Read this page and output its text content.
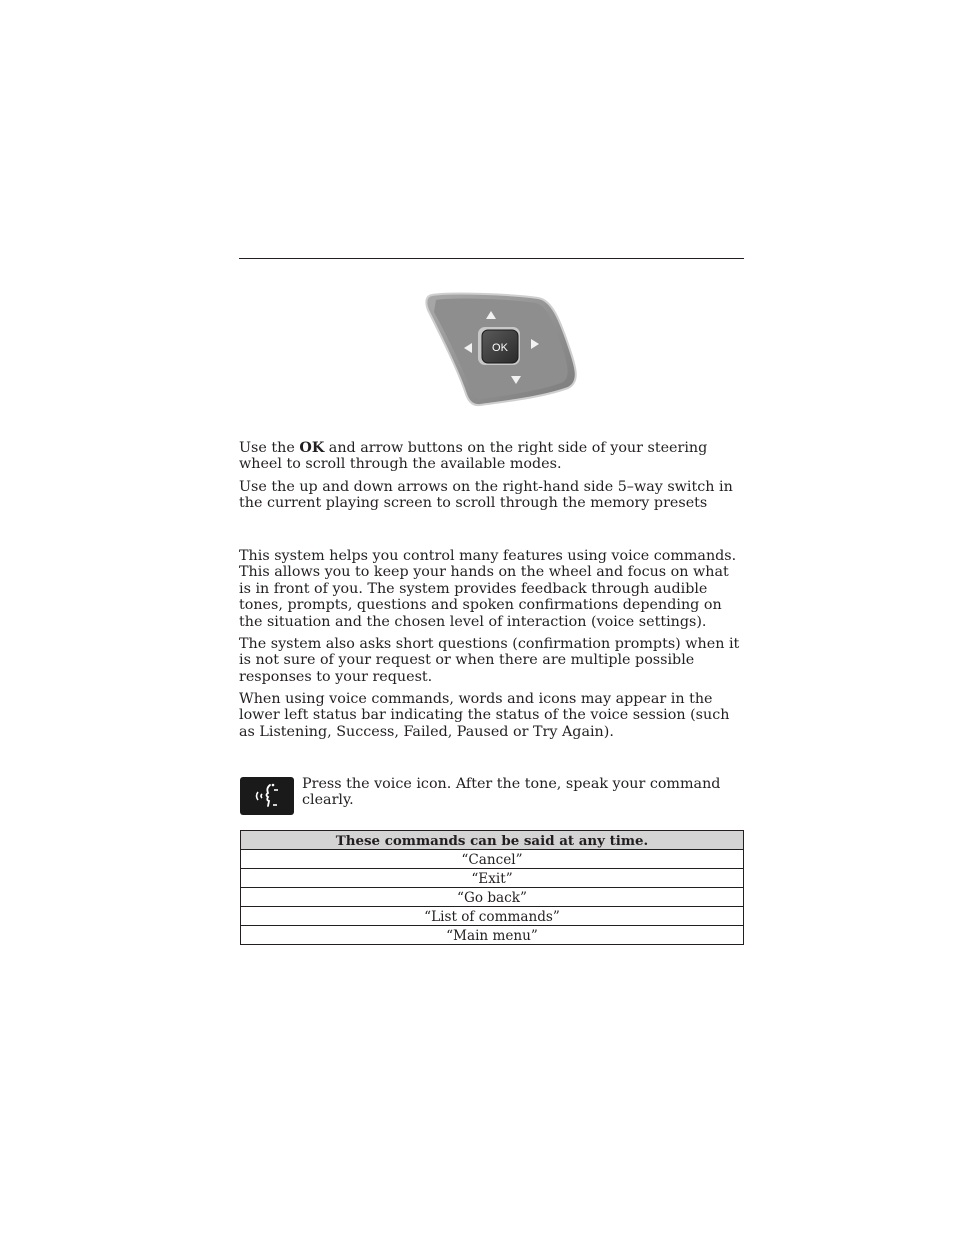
OK

Use the OK and arrow buttons on the right side of your steering wheel to scroll through the available modes.

Use the up and down arrows on the right-hand side 5–way switch in the current playing screen to scroll through the memory presets

This system helps you control many features using voice commands. This allows you to keep your hands on the wheel and focus on what is in front of you. The system provides feedback through audible tones, prompts, questions and spoken confirmations depending on the situation and the chosen level of interaction (voice settings).

The system also asks short questions (confirmation prompts) when it is not sure of your request or when there are multiple possible responses to your request.

When using voice commands, words and icons may appear in the lower left status bar indicating the status of the voice session (such as Listening, Success, Failed, Paused or Try Again).

Press the voice icon. After the tone, speak your command clearly.
These commands can be said at any time.
“Cancel”
“Exit”
“Go back”
“List of commands”
“Main menu”
